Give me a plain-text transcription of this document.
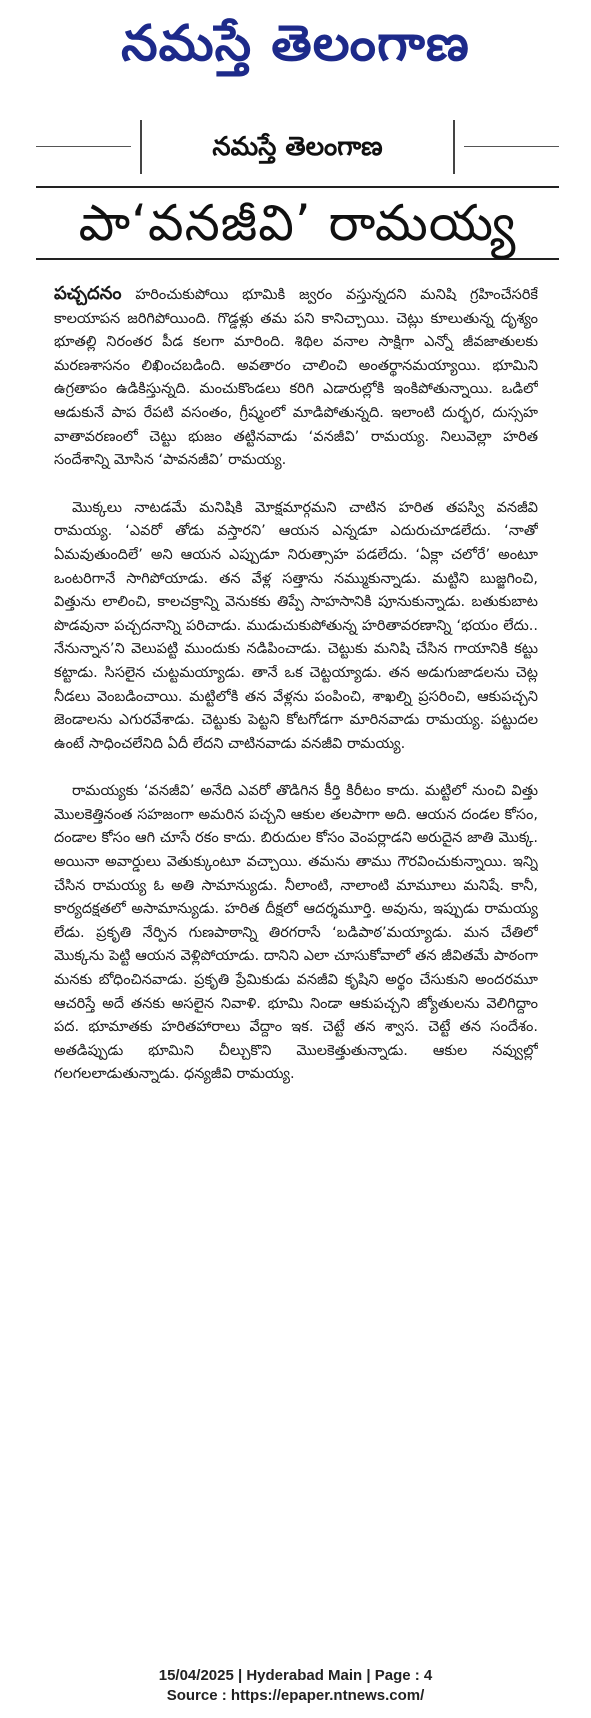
నమస్తే తెలంగాణ
నమస్తే తెలంగాణ
పా‘వనజీవి’ రామయ్య

పచ్చదనం హరించుకుపోయి భూమికి జ్వరం వస్తున్నదని మనిషి గ్రహించేసరికే కాలయాపన జరిగిపోయింది. గొడ్డళ్లు తమ పని కానిచ్చాయి. చెట్లు కూలుతున్న దృశ్యం భూతల్లి నిరంతర పీడ కలగా మారింది. శిథిల వనాల సాక్షిగా ఎన్నో జీవజాతులకు మరణశాసనం లిఖించబడింది. అవతారం చాలించి అంతర్థానమయ్యాయి. భూమిని ఉగ్రతాపం ఉడికిస్తున్నది. మంచుకొండలు కరిగి ఎడారుల్లోకి ఇంకిపోతున్నాయి. ఒడిలో ఆడుకునే పాప రేపటి వసంతం, గ్రీష్మంలో మాడిపోతున్నది. ఇలాంటి దుర్భర, దుస్సహ వాతావరణంలో చెట్టు భుజం తట్టినవాడు ‘వనజీవి’ రామయ్య. నిలువెల్లా హరిత సందేశాన్ని మోసిన ‘పావనజీవి’ రామయ్య.

మొక్కలు నాటడమే మనిషికి మోక్షమార్గమని చాటిన హరిత తపస్వి వనజీవి రామయ్య. ‘ఎవరో తోడు వస్తారని’ ఆయన ఎన్నడూ ఎదురుచూడలేదు. ‘నాతో ఏమవుతుందిలే’ అని ఆయన ఎప్పుడూ నిరుత్సాహ పడలేదు. ‘ఏక్లా చలోరే’ అంటూ ఒంటరిగానే సాగిపోయాడు. తన వేళ్ల సత్తాను నమ్ముకున్నాడు. మట్టిని బుజ్జగించి, విత్తును లాలించి, కాలచక్రాన్ని వెనుకకు తిప్పే సాహసానికి పూనుకున్నాడు. బతుకుబాట పొడవునా పచ్చదనాన్ని పరిచాడు. ముడుచుకుపోతున్న హరితావరణాన్ని ‘భయం లేదు.. నేనున్నాన’ని వెలుపట్టి ముందుకు నడిపించాడు. చెట్టుకు మనిషి చేసిన గాయానికి కట్టు కట్టాడు. సిసలైన చుట్టమయ్యాడు. తానే ఒక చెట్టయ్యాడు. తన అడుగుజాడలను చెట్ల నీడలు వెంబడించాయి. మట్టిలోకి తన వేళ్లను పంపించి, శాఖల్ని ప్రసరించి, ఆకుపచ్చని జెండాలను ఎగురవేశాడు. చెట్టుకు పెట్టని కోటగోడగా మారినవాడు రామయ్య. పట్టుదల ఉంటే సాధించలేనిది ఏదీ లేదని చాటినవాడు వనజీవి రామయ్య.

రామయ్యకు ‘వనజీవి’ అనేది ఎవరో తొడిగిన కీర్తి కిరీటం కాదు. మట్టిలో నుంచి విత్తు మొలకెత్తినంత సహజంగా అమరిన పచ్చని ఆకుల తలపాగా అది. ఆయన దండల కోసం, దండాల కోసం ఆగి చూసే రకం కాదు. బిరుదుల కోసం వెంపర్లాడని అరుదైన జాతి మొక్క. అయినా అవార్డులు వెతుక్కుంటూ వచ్చాయి. తమను తాము గౌరవించుకున్నాయి. ఇన్ని చేసిన రామయ్య ఓ అతి సామాన్యుడు. నీలాంటి, నాలాంటి మామూలు మనిషే. కానీ, కార్యదక్షతలో అసామాన్యుడు. హరిత దీక్షలో ఆదర్శమూర్తి. అవును, ఇప్పుడు రామయ్య లేడు. ప్రకృతి నేర్పిన గుణపాఠాన్ని తిరగరాసే ‘బడిపాఠ’మయ్యాడు. మన చేతిలో మొక్కను పెట్టి ఆయన వెళ్లిపోయాడు. దానిని ఎలా చూసుకోవాలో తన జీవితమే పాఠంగా మనకు బోధించినవాడు. ప్రకృతి ప్రేమికుడు వనజీవి కృషిని అర్థం చేసుకుని అందరమూ ఆచరిస్తే అదే తనకు అసలైన నివాళి. భూమి నిండా ఆకుపచ్చని జ్యోతులను వెలిగిద్దాం పద. భూమాతకు హరితహారాలు వేద్దాం ఇక. చెట్టే తన శ్వాస. చెట్టే తన సందేశం. అతడిప్పుడు భూమిని చీల్చుకొని మొలకెత్తుతున్నాడు. ఆకుల నవ్వుల్లో గలగలలాడుతున్నాడు. ధన్యజీవి రామయ్య.

15/04/2025 | Hyderabad Main | Page : 4
Source : https://epaper.ntnews.com/
